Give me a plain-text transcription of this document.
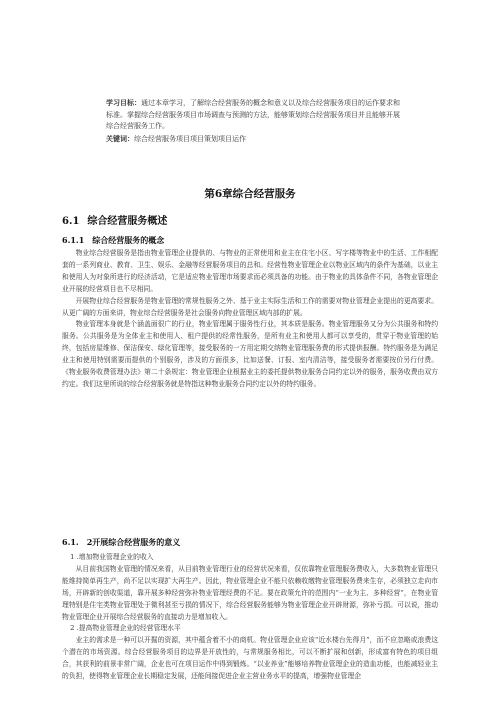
学习目标：通过本章学习，了解综合经营服务的概念和意义以及综合经营服务项目的运作要求和标准。掌握综合经营服务项目市场调查与预测的方法，能够策划综合经营服务项目并且能够开展综合经营服务工作。

关键词：综合经营服务项目项目策划项目运作

第6章综合经营服务
6.1 综合经营服务概述
6.1.1 综合经营服务的概念

物业综合经营服务是指由物业管理企业提供的、与物业的正常使用和业主在住宅小区、写字楼等物业中的生活、工作相配套的一系列商业、教育、卫生、娱乐、金融等经营服务项目的总和。经营性物业管理企业以物业区域内的条件为基础，以业主和使用人为对象所进行的经济活动，它是适应物业管理市场要求而必须具备的功能。由于物业的具体条件不同，各物业管理企业开展的经营项目也不尽相同。

开展物业综合经营服务是物业管理的常规性服务之外、基于业主实际生活和工作的需要对物业管理企业提出的更高要求。从更广阔的方面来讲，物业综合经营服务是社会服务向物业管理区域内部的扩展。

物业管理本身就是个涵盖面很广的行业，物业管理属于服务性行业，其本质是服务。物业管理服务又分为公共服务和特约服务。公共服务是为全体业主和使用人、租户提供的经常性服务，是所有业主和使用人都可以享受的，贯穿于物业管理的始终，包括房屋维修、保洁保安、绿化管理等，接受服务的一方用定期交纳物业管理服务费的形式提供报酬。特约服务是为满足业主和使用特别需要而提供的个别服务，涉及的方面很多，比如送餐、订报、室内清洁等，接受服务者需要按价另行付费。《物业服务收费管理办法》第二十条规定：物业管理企业根据业主的委托提供物业服务合同约定以外的服务，服务收费由双方约定。我们这里所说的综合经营服务就是特指这种物业服务合同约定以外的特约服务。

6.1. 2开展综合经营服务的意义

1 .增加物业管理企业的收入

从目前我国物业管理的情况来看，从目前物业管理行业的经营状况来看，仅依靠物业管理服务费收入，大多数物业管理只能维持简单再生产，尚不足以实现扩大再生产。因此，物业管理企业不能只依赖收缴物业管理服务费来生存，必须独立走向市场，开辟新的创收渠道，靠开展多种经营弥补物业管理经费的不足。要在政策允许的范围内“一业为主、多种经营”，在物业管理特别是住宅类物业管理处于微利甚至亏损的情况下，综合经营服务能够为物业管理企业开辟财源，弥补亏损。可以说，推动物业管理企业开展综合经营服务的直接动力是增加收入。

2 .提高物业管理企业的经营管理水平

业主的需求是一种可以开掘的资源，其中蕴含着不小的商机。物业管理企业应该“近水楼台先得月”，而不应忽略或浪费这个潜在的市场资源。综合经营服务项目的边界是开放性的，与常规服务相比，可以不断扩展和创新，形成富有特色的项目组合，其获利的前景非常广阔，企业也可在项目运作中得到锻炼。“以业养业”能够培养物业管理企业的造血功能，也能减轻业主的负担，使得物业管理企业长期稳定发展，还能间接促进企业主营业务水平的提高，增强物业管理企
